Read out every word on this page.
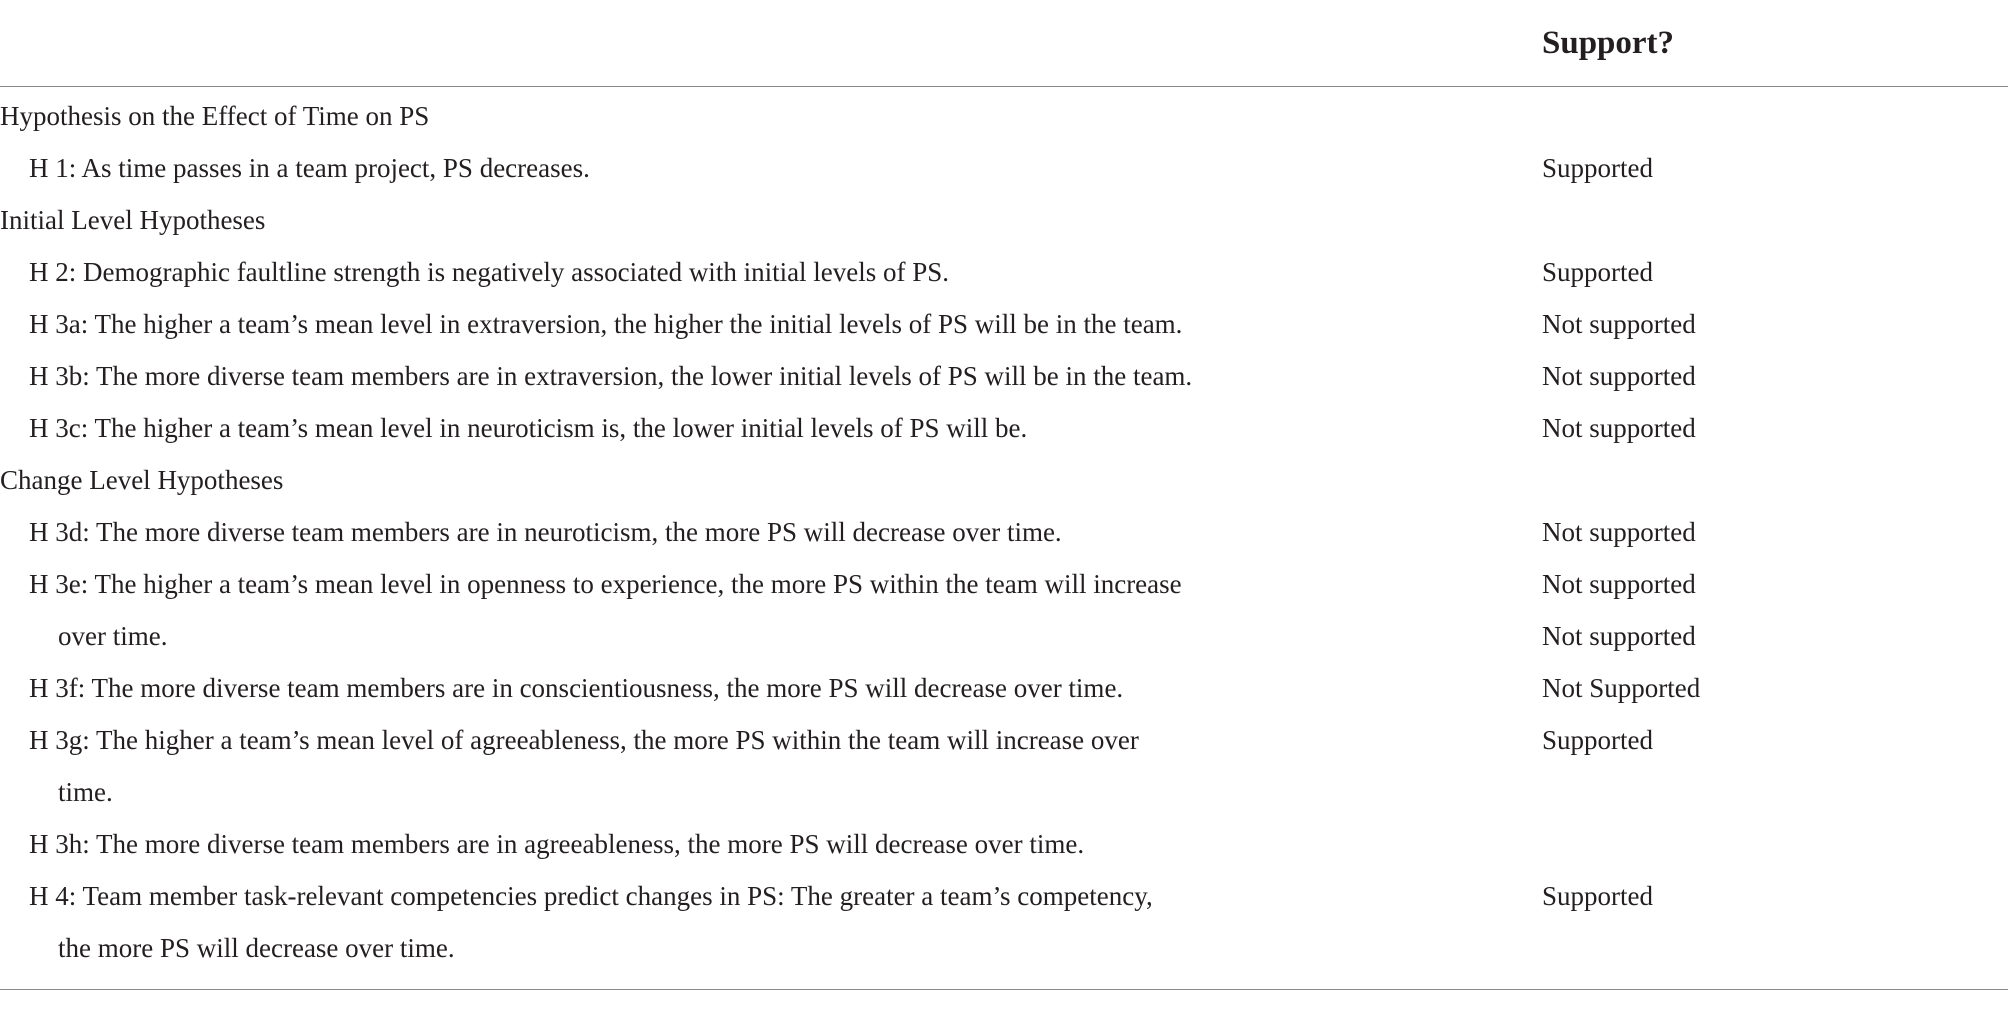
Support?
Hypothesis on the Effect of Time on PS
H 1: As time passes in a team project, PS decreases.	Supported
Initial Level Hypotheses
H 2: Demographic faultline strength is negatively associated with initial levels of PS.	Supported
H 3a: The higher a team’s mean level in extraversion, the higher the initial levels of PS will be in the team.	Not supported
H 3b: The more diverse team members are in extraversion, the lower initial levels of PS will be in the team.	Not supported
H 3c: The higher a team’s mean level in neuroticism is, the lower initial levels of PS will be.	Not supported
Change Level Hypotheses
H 3d: The more diverse team members are in neuroticism, the more PS will decrease over time.	Not supported
H 3e: The higher a team’s mean level in openness to experience, the more PS within the team will increase	Not supported
over time.	Not supported
H 3f: The more diverse team members are in conscientiousness, the more PS will decrease over time.	Not Supported
H 3g: The higher a team’s mean level of agreeableness, the more PS within the team will increase over	Supported
time.
H 3h: The more diverse team members are in agreeableness, the more PS will decrease over time.
H 4: Team member task-relevant competencies predict changes in PS: The greater a team’s competency,	Supported
the more PS will decrease over time.
